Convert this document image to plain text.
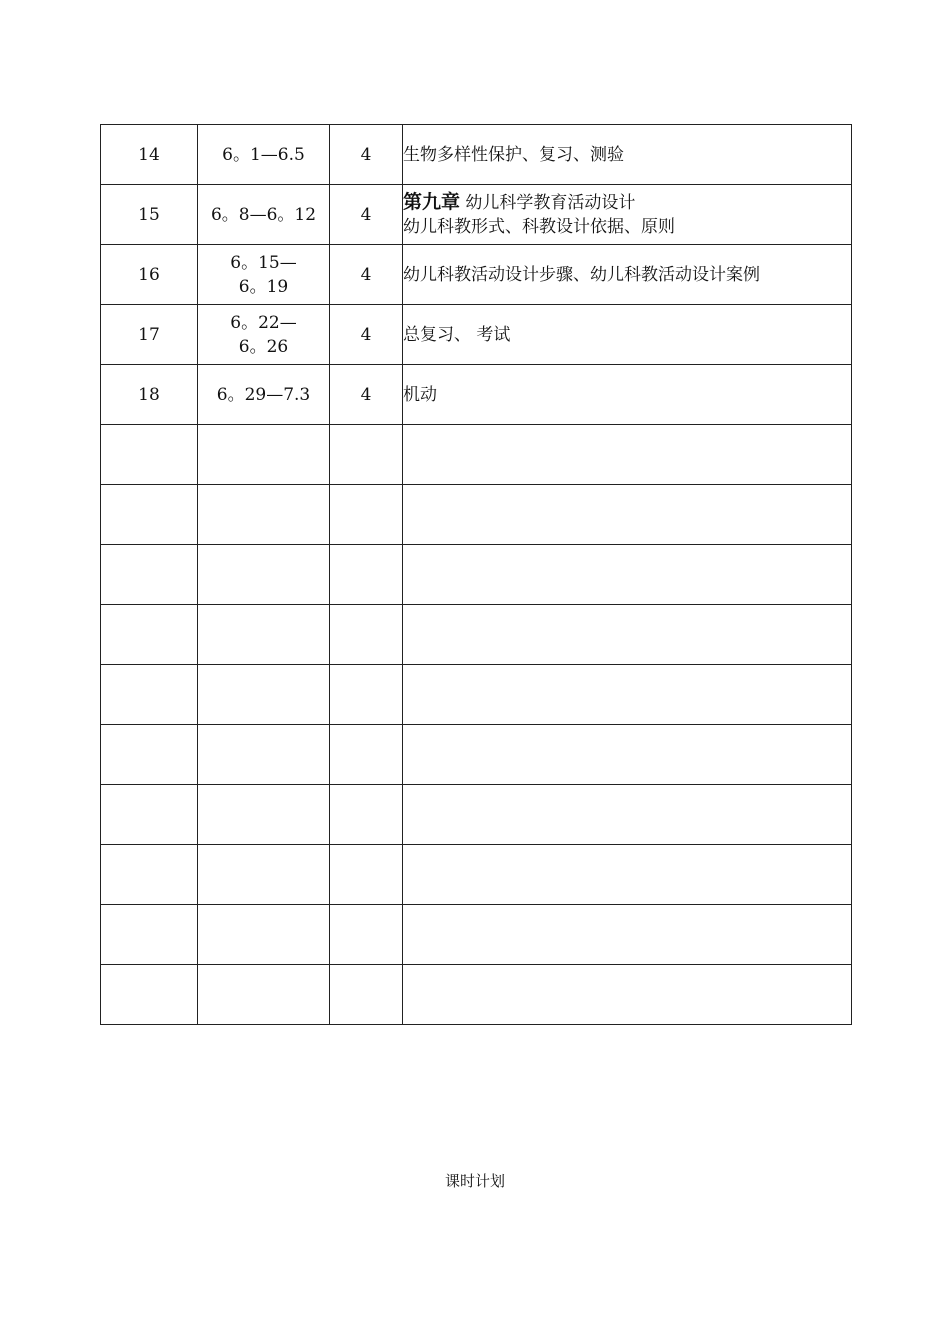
14	6。1—6.5	4	生物多样性保护、复习、测验
15	6。8—6。12	4	第九章 幼儿科学教育活动设计
幼儿科教形式、科教设计依据、原则
16	6。15—
6。19	4	幼儿科教活动设计步骤、幼儿科教活动设计案例
17	6。22—
6。26	4	总复习、 考试
18	6。29—7.3	4	机动

课时计划
